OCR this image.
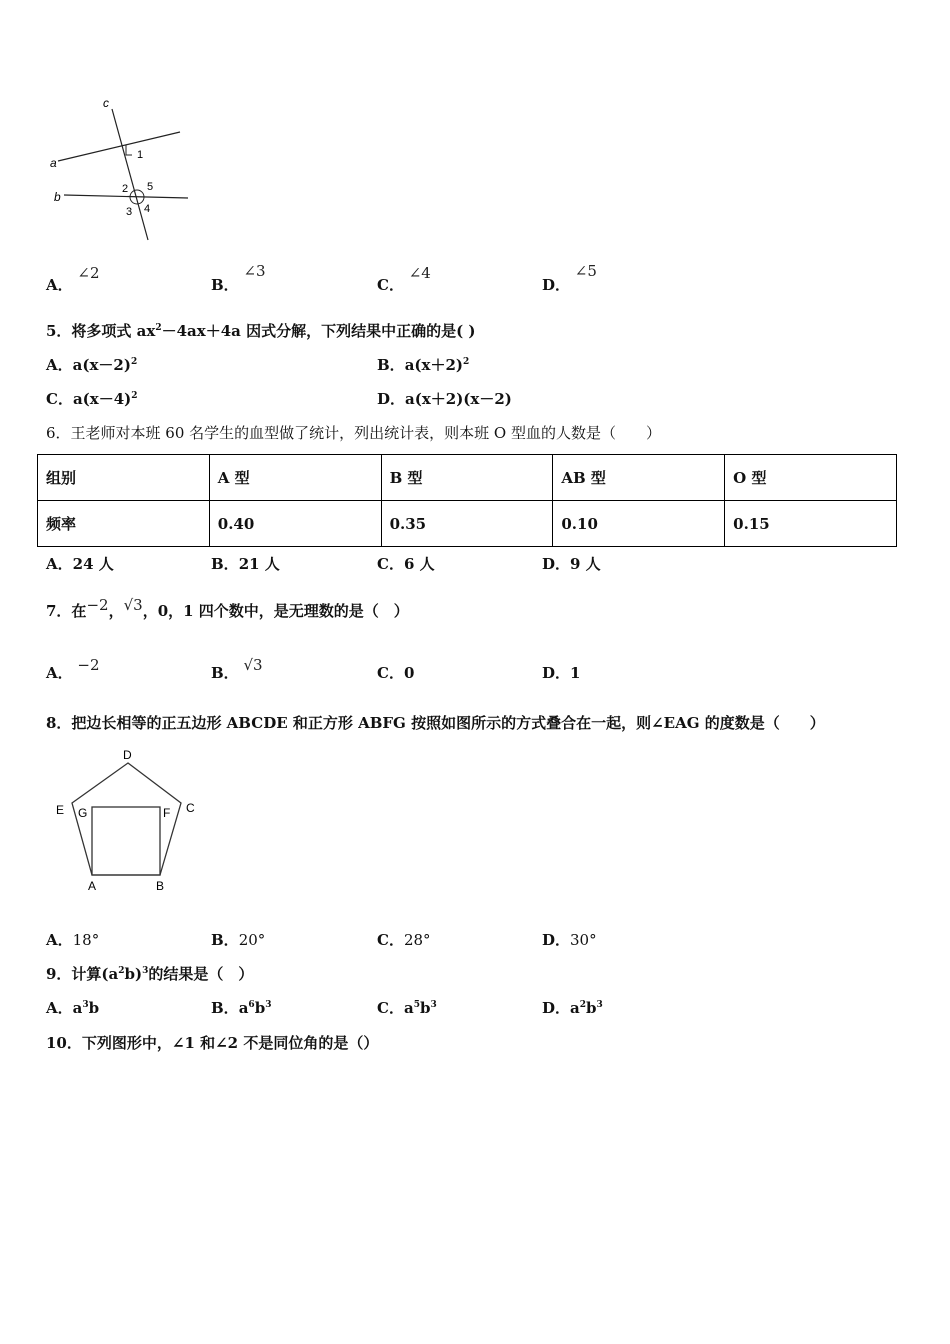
c
a
b
1
2 5
3 4
A． ∠2
B． ∠3
C． ∠4
D． ∠5
5．将多项式 $ax^2-4ax+4a$ 因式分解，下列结果中正确的是( )
A．$a(x-2)^2$	B．$a(x+2)^2$
C．$a(x-4)^2$	D．a(x＋2)(x－2)
6．王老师对本班 60 名学生的血型做了统计，列出统计表，则本班 O 型血的人数是（　　）
组别	A 型	B 型	AB 型	O 型
频率	0.40	0.35	0.10	0.15
A．24 人	B．21 人	C．6 人	D．9 人
7．在−2，√3，0，1 四个数中，是无理数的是（　）
A． −2	B． √3	C．0	D．1
8．把边长相等的正五边形 ABCDE 和正方形 ABFG 按照如图所示的方式叠合在一起，则∠EAG 的度数是（　　）
D
E G	F C
A	B
A．18°	B．20°	C．28°	D．30°
9．计算$(a^2b)^3$的结果是（　）
A．$a^3b$	B．$a^6b^3$	C．$a^5b^3$	D．$a^2b^3$
10．下列图形中，∠1 和∠2 不是同位角的是（）
